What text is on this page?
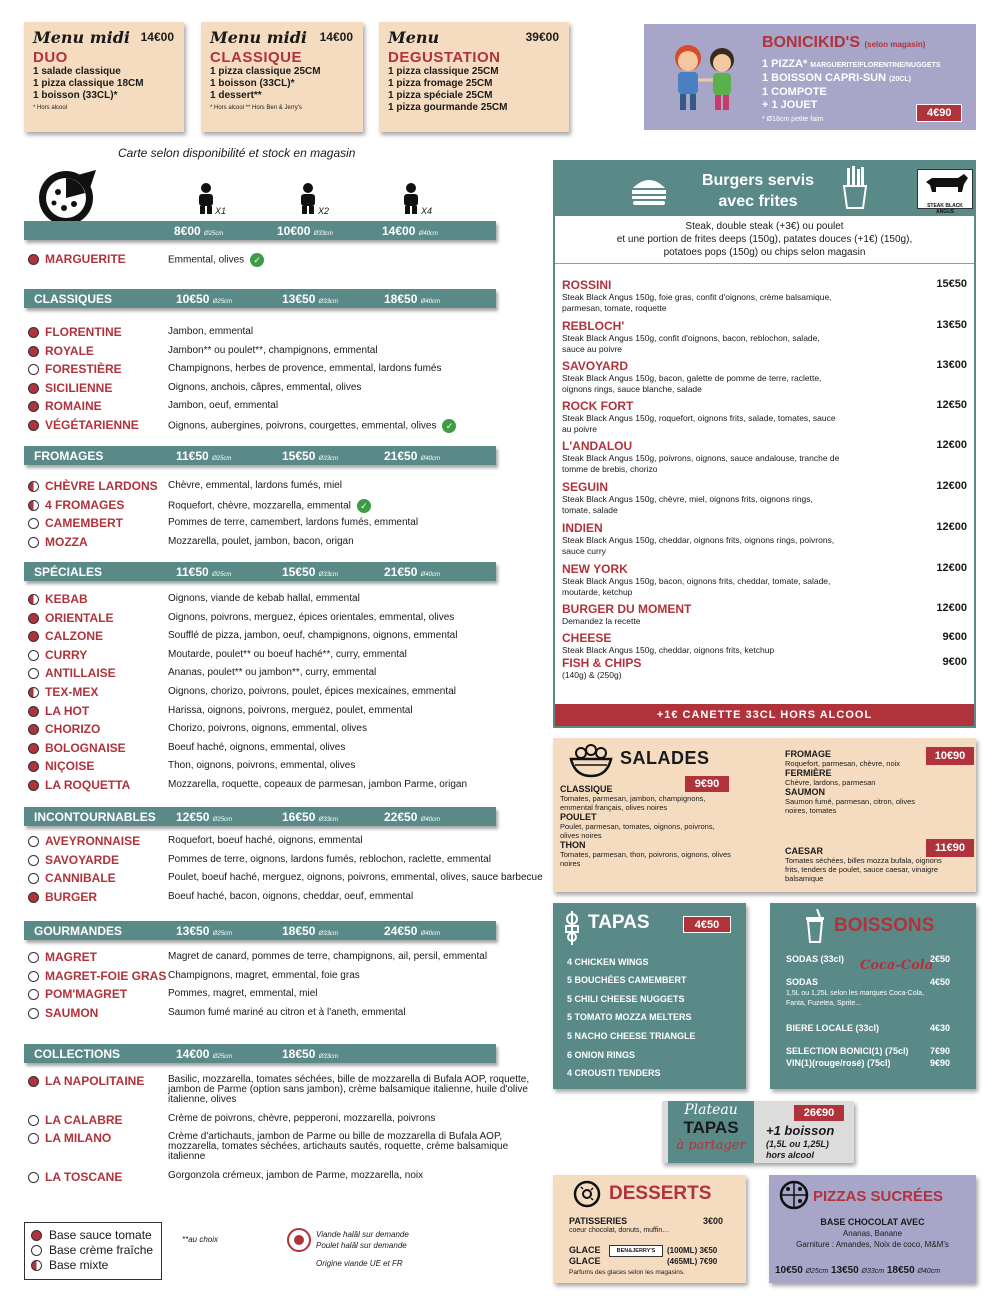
Menu midi 14€00
DUO
1 salade classique
1 pizza classique 18CM
1 boisson (33CL)*
* Hors alcool
Menu midi	14€00
CLASSIQUE
1 pizza classique 25CM
1 boisson (33CL)*
1 dessert**
* Hors alcool ** Hors Ben & Jerry's
Menu	39€00
DEGUSTATION
1 pizza classique 25CM
1 pizza fromage 25CM
1 pizza spéciale 25CM
1 pizza gourmande 25CM
BONICIKID'S (selon magasin)
1 PIZZA* MARGUERITE/FLORENTINE/NUGGETS
1 BOISSON CAPRI-SUN (20CL)
1 COMPOTE
+ 1 JOUET
* Ø18cm petite faim
4€90
Carte selon disponibilité et stock en magasin
X1	X2	X4
8€00 Ø25cm	10€00 Ø33cm	14€00 Ø40cm
MARGUERITE	Emmental, olives ✓
CLASSIQUES	10€50 Ø25cm	13€50 Ø33cm	18€50 Ø40cm
FLORENTINE	Jambon, emmental
ROYALE	Jambon** ou poulet**, champignons, emmental
FORESTIÈRE	Champignons, herbes de provence, emmental, lardons fumés
SICILIENNE	Oignons, anchois, câpres, emmental, olives
ROMAINE	Jambon, oeuf, emmental
VÉGÉTARIENNE	Oignons, aubergines, poivrons, courgettes, emmental, olives ✓
FROMAGES	11€50 Ø25cm	15€50 Ø33cm	21€50 Ø40cm
CHÈVRE LARDONS Chèvre, emmental, lardons fumés, miel
4 FROMAGES	Roquefort, chèvre, mozzarella, emmental ✓
CAMEMBERT	Pommes de terre, camembert, lardons fumés, emmental
MOZZA	Mozzarella, poulet, jambon, bacon, origan
SPÉCIALES	11€50 Ø25cm	15€50 Ø33cm	21€50 Ø40cm
KEBAB	Oignons, viande de kebab hallal, emmental
ORIENTALE	Oignons, poivrons, merguez, épices orientales, emmental, olives
CALZONE	Soufflé de pizza, jambon, oeuf, champignons, oignons, emmental
CURRY	Moutarde, poulet** ou boeuf haché**, curry, emmental
ANTILLAISE	Ananas, poulet** ou jambon**, curry, emmental
TEX-MEX	Oignons, chorizo, poivrons, poulet, épices mexicaines, emmental
LA HOT	Harissa, oignons, poivrons, merguez, poulet, emmental
CHORIZO	Chorizo, poivrons, oignons, emmental, olives
BOLOGNAISE	Boeuf haché, oignons, emmental, olives
NIÇOISE	Thon, oignons, poivrons, emmental, olives
LA ROQUETTA	Mozzarella, roquette, copeaux de parmesan, jambon Parme, origan
INCONTOURNABLES 12€50 Ø25cm	16€50 Ø33cm	22€50 Ø40cm
AVEYRONNAISE	Roquefort, boeuf haché, oignons, emmental
SAVOYARDE	Pommes de terre, oignons, lardons fumés, reblochon, raclette, emmental
CANNIBALE	Poulet, boeuf haché, merguez, oignons, poivrons, emmental, olives, sauce barbecue
BURGER	Boeuf haché, bacon, oignons, cheddar, oeuf, emmental
GOURMANDES	13€50 Ø25cm	18€50 Ø33cm	24€50 Ø40cm
MAGRET	Magret de canard, pommes de terre, champignons, ail, persil, emmental
MAGRET-FOIE GRAS Champignons, magret, emmental, foie gras
POM'MAGRET	Pommes, magret, emmental, miel
SAUMON	Saumon fumé mariné au citron et à l'aneth, emmental
COLLECTIONS	14€00 Ø25cm	18€50 Ø33cm
LA NAPOLITAINE Basilic, mozzarella, tomates séchées, bille de mozzarella di Bufala AOP, roquette, jambon de Parme (option sans jambon), crème balsamique italienne, huile d'olive italienne, olives
LA CALABRE	Crème de poivrons, chèvre, pepperoni, mozzarella, poivrons
LA MILANO	Crème d'artichauts, jambon de Parme ou bille de mozzarella di Bufala AOP, mozzarella, tomates séchées, artichauts sautés, roquette, crème balsamique italienne
LA TOSCANE	Gorgonzola crémeux, jambon de Parme, mozzarella, noix
Base sauce tomate
Base crème fraîche
Base mixte
**au choix
Viande halâl sur demande
Poulet halâl sur demande
Origine viande UE et FR
Burgers servis
avec frites	STEAK BLACK ANGUS
Steak, double steak (+3€) ou poulet
et une portion de frites deeps (150g), patates douces (+1€) (150g),
potatoes pops (150g) ou chips selon magasin
ROSSINI	15€50
Steak Black Angus 150g, foie gras, confit d'oignons, crème balsamique, parmesan, tomate, roquette
REBLOCH'	13€50
Steak Black Angus 150g, confit d'oignons, bacon, reblochon, salade, sauce au poivre
SAVOYARD	13€00
Steak Black Angus 150g, bacon, galette de pomme de terre, raclette, oignons rings, sauce blanche, salade
ROCK FORT	12€50
Steak Black Angus 150g, roquefort, oignons frits, salade, tomates, sauce au poivre
L'ANDALOU	12€00
Steak Black Angus 150g, poivrons, oignons, sauce andalouse, tranche de tomme de brebis, chorizo
SEGUIN	12€00
Steak Black Angus 150g, chèvre, miel, oignons frits, oignons rings, tomate, salade
INDIEN	12€00
Steak Black Angus 150g, cheddar, oignons frits, oignons rings, poivrons, sauce curry
NEW YORK	12€00
Steak Black Angus 150g, bacon, oignons frits, cheddar, tomate, salade, moutarde, ketchup
BURGER DU MOMENT	12€00
Demandez la recette
CHEESE	9€00
Steak Black Angus 150g, cheddar, oignons frits, ketchup
FISH & CHIPS	9€00
(140g) & (250g)
+1€ CANETTE 33CL HORS ALCOOL
SALADES
9€90
CLASSIQUE
Tomates, parmesan, jambon, champignons, emmental français, olives noires
POULET
Poulet, parmesan, tomates, oignons, poivrons, olives noires
THON
Tomates, parmesan, thon, poivrons, oignons, olives noires
10€90
FROMAGE
Roquefort, parmesan, chèvre, noix
FERMIÈRE
Chèvre, lardons, parmesan
SAUMON
Saumon fumé, parmesan, citron, olives noires, tomates
11€90
CAESAR
Tomates séchées, billes mozza bufala, oignons frits, tenders de poulet, sauce caesar, vinaigre balsamique
TAPAS	4€50
4 CHICKEN WINGS
5 BOUCHÉES CAMEMBERT
5 CHILI CHEESE NUGGETS
5 TOMATO MOZZA MELTERS
5 NACHO CHEESE TRIANGLE
6 ONION RINGS
4 CROUSTI TENDERS
BOISSONS
Coca-Cola
SODAS (33cl)	2€50
SODAS	4€50
1,5L ou 1,25L selon les marques Coca-Cola, Fanta, Fuzetea, Sprite...
BIERE LOCALE (33cl)	4€30
SELECTION BONICI(1) (75cl) 7€90
VIN(1)(rouge/rosé) (75cl)	9€90
Plateau
TAPAS
à partager
26€90
+1 boisson
(1,5L ou 1,25L)
hors alcool
DESSERTS
PATISSERIES	3€00
coeur chocolat, donuts, muffin…
GLACE
GLACE
BEN&JERRY'S	(100ML) 3€50
(465ML) 7€90
Parfums des glaces selon les magasins.
PIZZAS SUCRÉES
BASE CHOCOLAT AVEC
Ananas, Banane
Garniture : Amandes, Noix de coco, M&M's
10€50 Ø25cm 13€50 Ø33cm 18€50 Ø40cm
